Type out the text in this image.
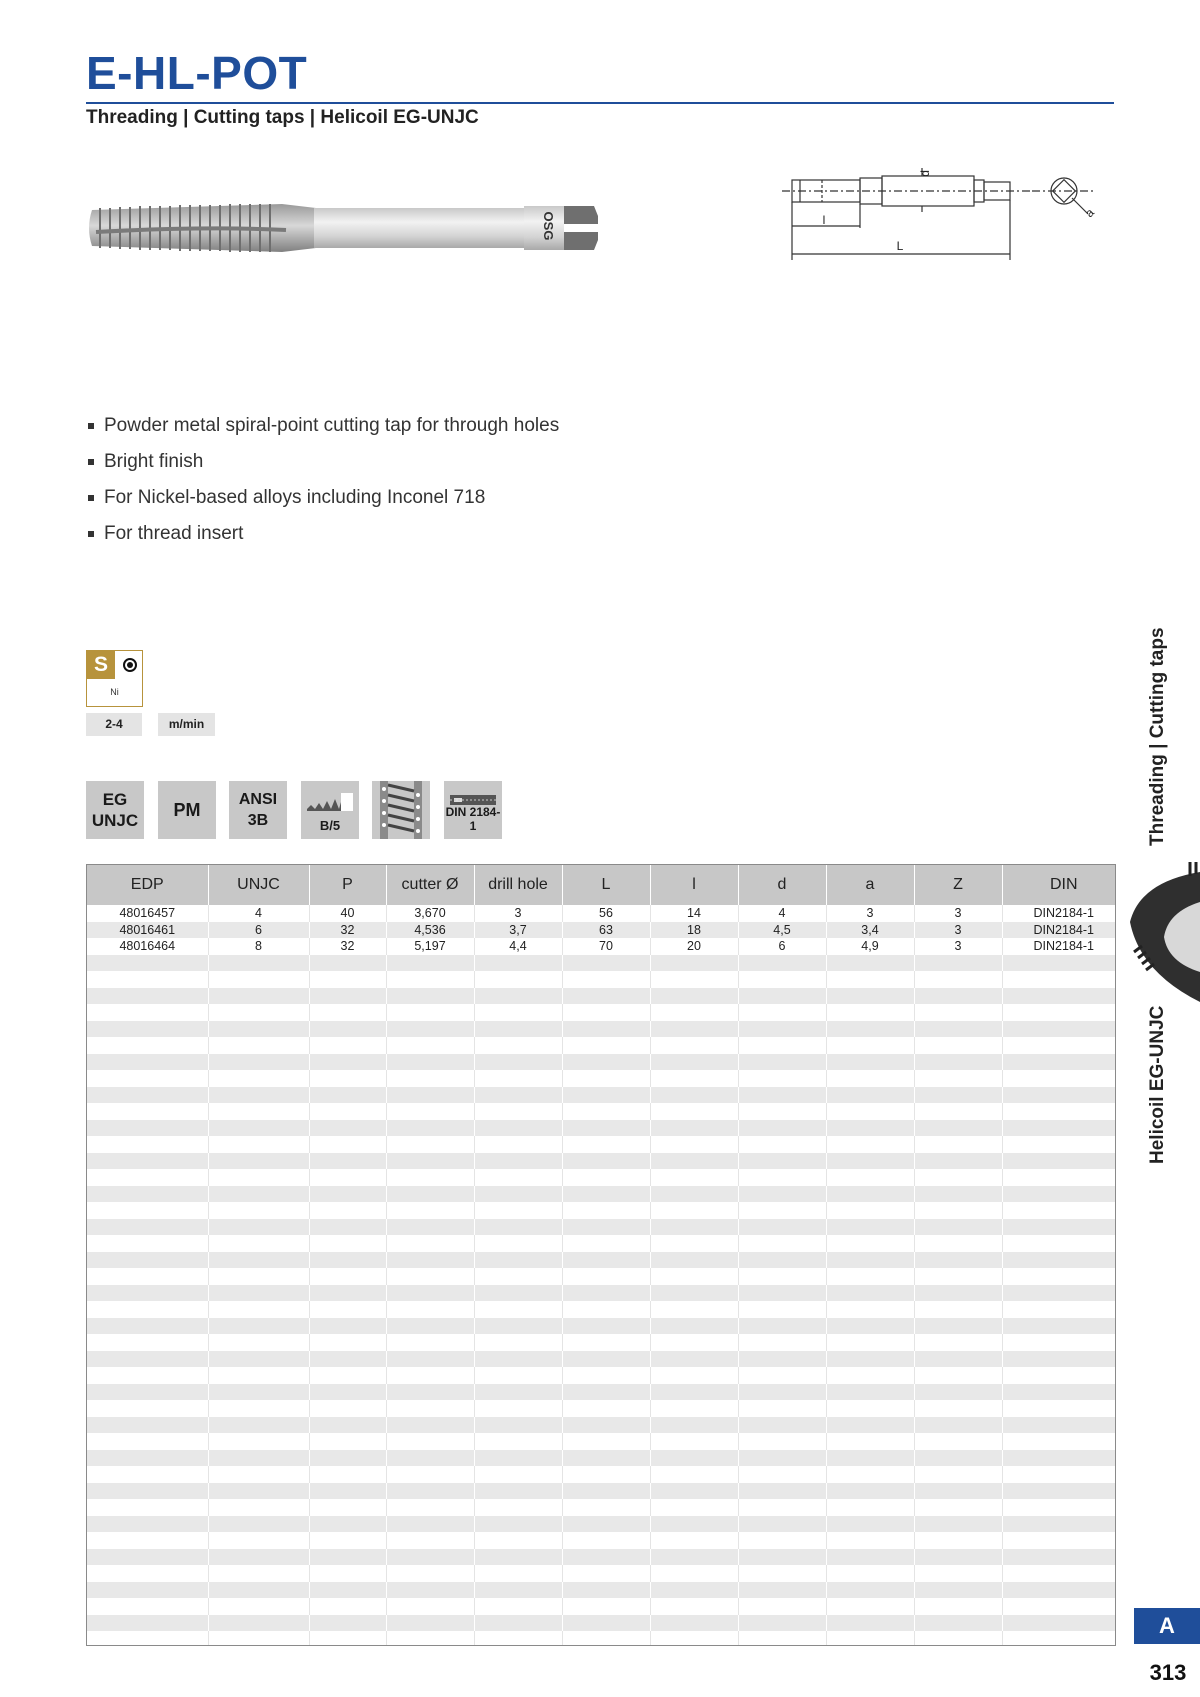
E-HL-POT
Threading | Cutting taps | Helicoil EG-UNJC
OSG
d
l
L
a
Powder metal spiral-point cutting tap for through holes
Bright finish
For Nickel-based alloys including Inconel 718
For thread insert
S
Ni
2-4	m/min
EG
UNJC
PM
ANSI
3B	B/5
DIN 2184-1
EDP	UNJC	P	cutter Ø	drill hole	L	l	d	a	Z	DIN
48016457	4	40	3,670	3	56	14	4	3	3	DIN2184-1
48016461	6	32	4,536	3,7	63	18	4,5	3,4	3	DIN2184-1
48016464	8	32	5,197	4,4	70	20	6	4,9	3	DIN2184-1

Threading | Cutting taps
Helicoil EG-UNJC
A
313
